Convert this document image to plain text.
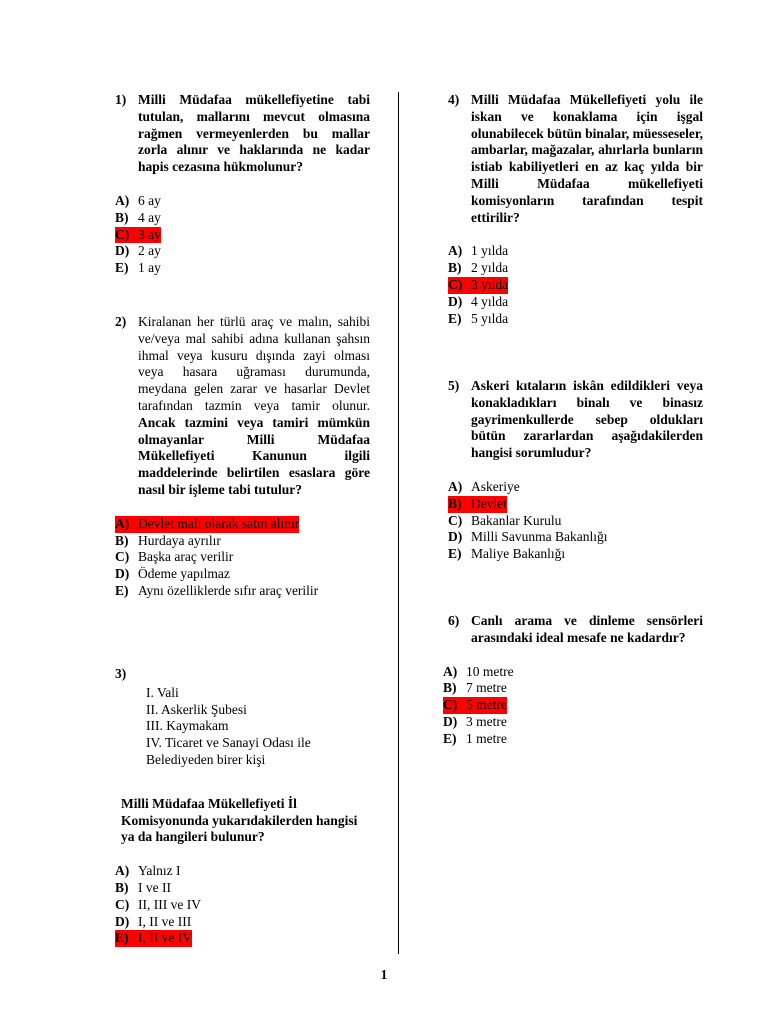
1) Milli Müdafaa mükellefiyetine tabi tutulan, mallarını mevcut olmasına rağmen vermeyenlerden bu mallar zorla alınır ve haklarında ne kadar hapis cezasına hükmolunur?
A) 6 ay
B) 4 ay
C) 3 ay
D) 2 ay
E) 1 ay
2) Kiralanan her türlü araç ve malın, sahibi ve/veya mal sahibi adına kullanan şahsın ihmal veya kusuru dışında zayi olması veya hasara uğraması durumunda, meydana gelen zarar ve hasarlar Devlet tarafından tazmin veya tamir olunur. Ancak tazmini veya tamiri mümkün olmayanlar Milli Müdafaa Mükellefiyeti Kanunun ilgili maddelerinde belirtilen esaslara göre nasıl bir işleme tabi tutulur?
A) Devlet malı olarak satın alınır
B) Hurdaya ayrılır
C) Başka araç verilir
D) Ödeme yapılmaz
E) Aynı özelliklerde sıfır araç verilir
3)
I. Vali
II. Askerlik Şubesi
III. Kaymakam
IV. Ticaret ve Sanayi Odası ile
Belediyeden birer kişi
Milli Müdafaa Mükellefiyeti İl Komisyonunda yukarıdakilerden hangisi ya da hangileri bulunur?
A) Yalnız I
B) I ve II
C) II, III ve IV
D) I, II ve III
E) I, II ve IV
4) Milli Müdafaa Mükellefiyeti yolu ile iskan ve konaklama için işgal olunabilecek bütün binalar, müesseseler, ambarlar, mağazalar, ahırlarla bunların istiab kabiliyetleri en az kaç yılda bir Milli Müdafaa mükellefiyeti komisyonların tarafından tespit ettirilir?
A) 1 yılda
B) 2 yılda
C) 3 yılda
D) 4 yılda
E) 5 yılda
5) Askeri kıtaların iskân edildikleri veya konakladıkları binalı ve binasız gayrimenkullerde sebep oldukları bütün zararlardan aşağıdakilerden hangisi sorumludur?
A) Askeriye
B) Devlet
C) Bakanlar Kurulu
D) Milli Savunma Bakanlığı
E) Maliye Bakanlığı
6) Canlı arama ve dinleme sensörleri arasındaki ideal mesafe ne kadardır?
A) 10 metre
B) 7 metre
C) 5 metre
D) 3 metre
E) 1 metre
1
